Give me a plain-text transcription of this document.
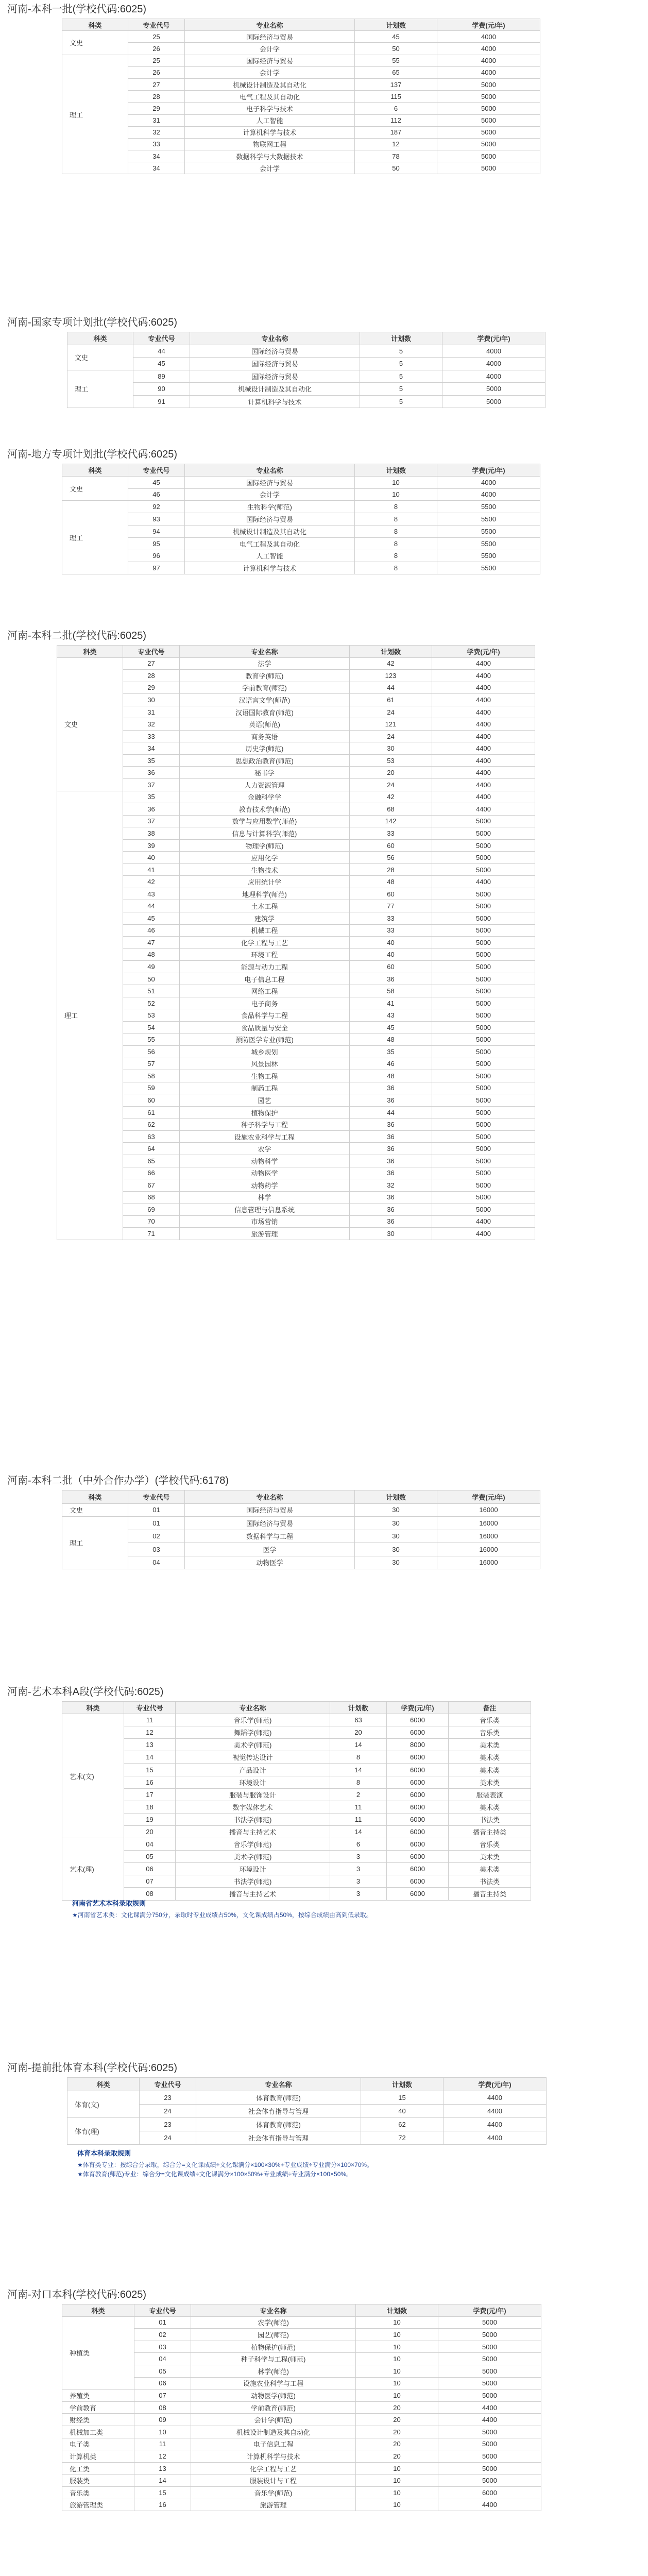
河南-本科一批(学校代码:6025)
科类	专业代号	专业名称	计划数	学费(元/年)
文史	25	国际经济与贸易	45	4000
	26	会计学	50	4000
理工	25	国际经济与贸易	55	4000
	26	会计学	65	4000
	27	机械设计制造及其自动化	137	5000
	28	电气工程及其自动化	115	5000
	29	电子科学与技术	6	5000
	31	人工智能	112	5000
	32	计算机科学与技术	187	5000
	33	物联网工程	12	5000
	34	数据科学与大数据技术	78	5000
	34	会计学	50	5000
河南-国家专项计划批(学校代码:6025)
科类	专业代号	专业名称	计划数	学费(元/年)
文史	44	国际经济与贸易	5	4000
	45	国际经济与贸易	5	4000
理工	89	国际经济与贸易	5	4000
	90	机械设计制造及其自动化	5	5000
	91	计算机科学与技术	5	5000
河南-地方专项计划批(学校代码:6025)
科类	专业代号	专业名称	计划数	学费(元/年)
文史	45	国际经济与贸易	10	4000
	46	会计学	10	4000
理工	92	生物科学(师范)	8	5500
	93	国际经济与贸易	8	5500
	94	机械设计制造及其自动化	8	5500
	95	电气工程及其自动化	8	5500
	96	人工智能	8	5500
	97	计算机科学与技术	8	5500
河南-本科二批(学校代码:6025)
科类	专业代号	专业名称	计划数	学费(元/年)
文史	27	法学	42	4400
	28	教育学(师范)	123	4400
	29	学前教育(师范)	44	4400
	30	汉语言文学(师范)	61	4400
	31	汉语国际教育(师范)	24	4400
	32	英语(师范)	121	4400
	33	商务英语	24	4400
	34	历史学(师范)	30	4400
	35	思想政治教育(师范)	53	4400
	36	秘书学	20	4400
	37	人力资源管理	24	4400
理工	35	金融科学学	42	4400
	36	教育技术学(师范)	68	4400
	37	数学与应用数学(师范)	142	5000
	38	信息与计算科学(师范)	33	5000
	39	物理学(师范)	60	5000
	40	应用化学	56	5000
	41	生物技术	28	5000
	42	应用统计学	48	4400
	43	地理科学(师范)	60	5000
	44	土木工程	77	5000
	45	建筑学	33	5000
	46	机械工程	33	5000
	47	化学工程与工艺	40	5000
	48	环境工程	40	5000
	49	能源与动力工程	60	5000
	50	电子信息工程	36	5000
	51	网络工程	58	5000
	52	电子商务	41	5000
	53	食品科学与工程	43	5000
	54	食品质量与安全	45	5000
	55	预防医学专业(师范)	48	5000
	56	城乡规划	35	5000
	57	风景园林	46	5000
	58	生物工程	48	5000
	59	制药工程	36	5000
	60	园艺	36	5000
	61	植物保护	44	5000
	62	种子科学与工程	36	5000
	63	设施农业科学与工程	36	5000
	64	农学	36	5000
	65	动物科学	36	5000
	66	动物医学	36	5000
	67	动物药学	32	5000
	68	林学	36	5000
	69	信息管理与信息系统	36	5000
	70	市场营销	36	4400
	71	旅游管理	30	4400
河南-本科二批（中外合作办学）(学校代码:6178)
科类	专业代号	专业名称	计划数	学费(元/年)
文史	01	国际经济与贸易	30	16000
理工	01	国际经济与贸易	30	16000
	02	数据科学与工程	30	16000
	03	医学	30	16000
	04	动物医学	30	16000
河南-艺术本科A段(学校代码:6025)
科类	专业代号	专业名称	计划数	学费(元/年)	备注
艺术(文)	11	音乐学(师范)	63	6000	音乐类
	12	舞蹈学(师范)	20	6000	音乐类
	13	美术学(师范)	14	8000	美术类
	14	视觉传达设计	8	6000	美术类
	15	产品设计	14	6000	美术类
	16	环境设计	8	6000	美术类
	17	服装与服饰设计	2	6000	服装表演
	18	数字媒体艺术	11	6000	美术类
	19	书法学(师范)	11	6000	书法类
	20	播音与主持艺术	14	6000	播音主持类
艺术(理)	04	音乐学(师范)	6	6000	音乐类
	05	美术学(师范)	3	6000	美术类
	06	环境设计	3	6000	美术类
	07	书法学(师范)	3	6000	书法类
	08	播音与主持艺术	3	6000	播音主持类
河南省艺术本科录取规则
★河南省艺术类：文化课满分750分，录取时专业成绩占50%，文化课成绩占50%，按综合成绩由高到低录取。
河南-提前批体育本科(学校代码:6025)
科类	专业代号	专业名称	计划数	学费(元/年)
体育(文)	23	体育教育(师范)	15	4400
	24	社会体育指导与管理	40	4400
体育(理)	23	体育教育(师范)	62	4400
	24	社会体育指导与管理	72	4400
体育本科录取规则
★体育类专业：按综合分录取，综合分=文化课成绩÷文化课满分×100×30%+专业成绩÷专业满分×100×70%。
★体育教育(师范)专业：综合分=文化课成绩÷文化课满分×100×50%+专业成绩÷专业满分×100×50%。
河南-对口本科(学校代码:6025)
科类	专业代号	专业名称	计划数	学费(元/年)
种植类	01	农学(师范)	10	5000
	02	园艺(师范)	10	5000
	03	植物保护(师范)	10	5000
	04	种子科学与工程(师范)	10	5000
	05	林学(师范)	10	5000
	06	设施农业科学与工程	10	5000
养殖类	07	动物医学(师范)	10	5000
学前教育	08	学前教育(师范)	20	4400
财经类	09	会计学(师范)	20	4400
机械加工类	10	机械设计制造及其自动化	20	5000
电子类	11	电子信息工程	20	5000
计算机类	12	计算机科学与技术	20	5000
化工类	13	化学工程与工艺	10	5000
服装类	14	服装设计与工程	10	5000
音乐类	15	音乐学(师范)	10	6000
旅游管理类	16	旅游管理	10	4400
